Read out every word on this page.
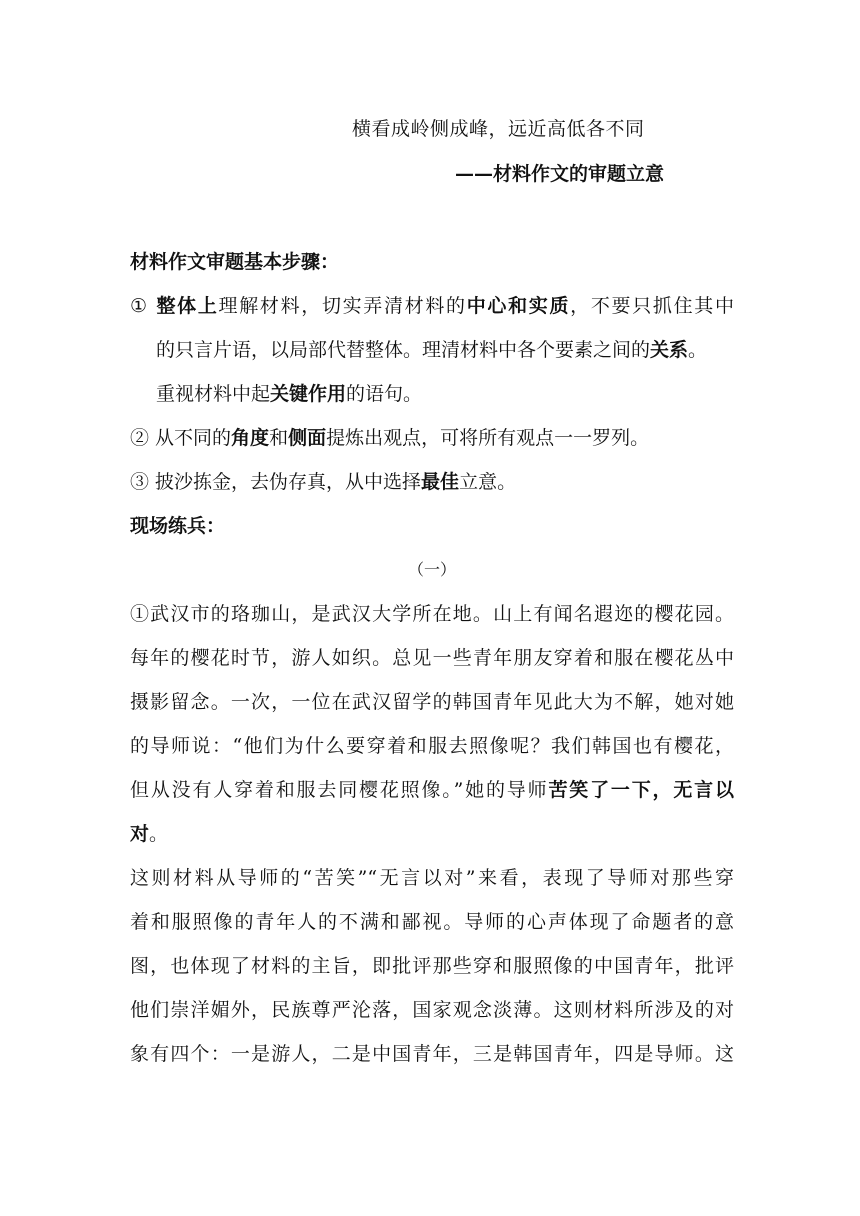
横看成岭侧成峰，远近高低各不同
——材料作文的审题立意
材料作文审题基本步骤：
① 整体上理解材料，切实弄清材料的中心和实质，不要只抓住其中
的只言片语，以局部代替整体。理清材料中各个要素之间的关系。
重视材料中起关键作用的语句。
② 从不同的角度和侧面提炼出观点，可将所有观点一一罗列。
③ 披沙拣金，去伪存真，从中选择最佳立意。
现场练兵：
（一）
①武汉市的珞珈山，是武汉大学所在地。山上有闻名遐迩的樱花园。
每年的樱花时节，游人如织。总见一些青年朋友穿着和服在樱花丛中
摄影留念。一次，一位在武汉留学的韩国青年见此大为不解，她对她
的导师说：“他们为什么要穿着和服去照像呢？我们韩国也有樱花，
但从没有人穿着和服去同樱花照像。”她的导师苦笑了一下，无言以
对。
这则材料从导师的“苦笑”“无言以对”来看，表现了导师对那些穿
着和服照像的青年人的不满和鄙视。导师的心声体现了命题者的意
图，也体现了材料的主旨，即批评那些穿和服照像的中国青年，批评
他们崇洋媚外，民族尊严沦落，国家观念淡薄。这则材料所涉及的对
象有四个：一是游人，二是中国青年，三是韩国青年，四是导师。这
